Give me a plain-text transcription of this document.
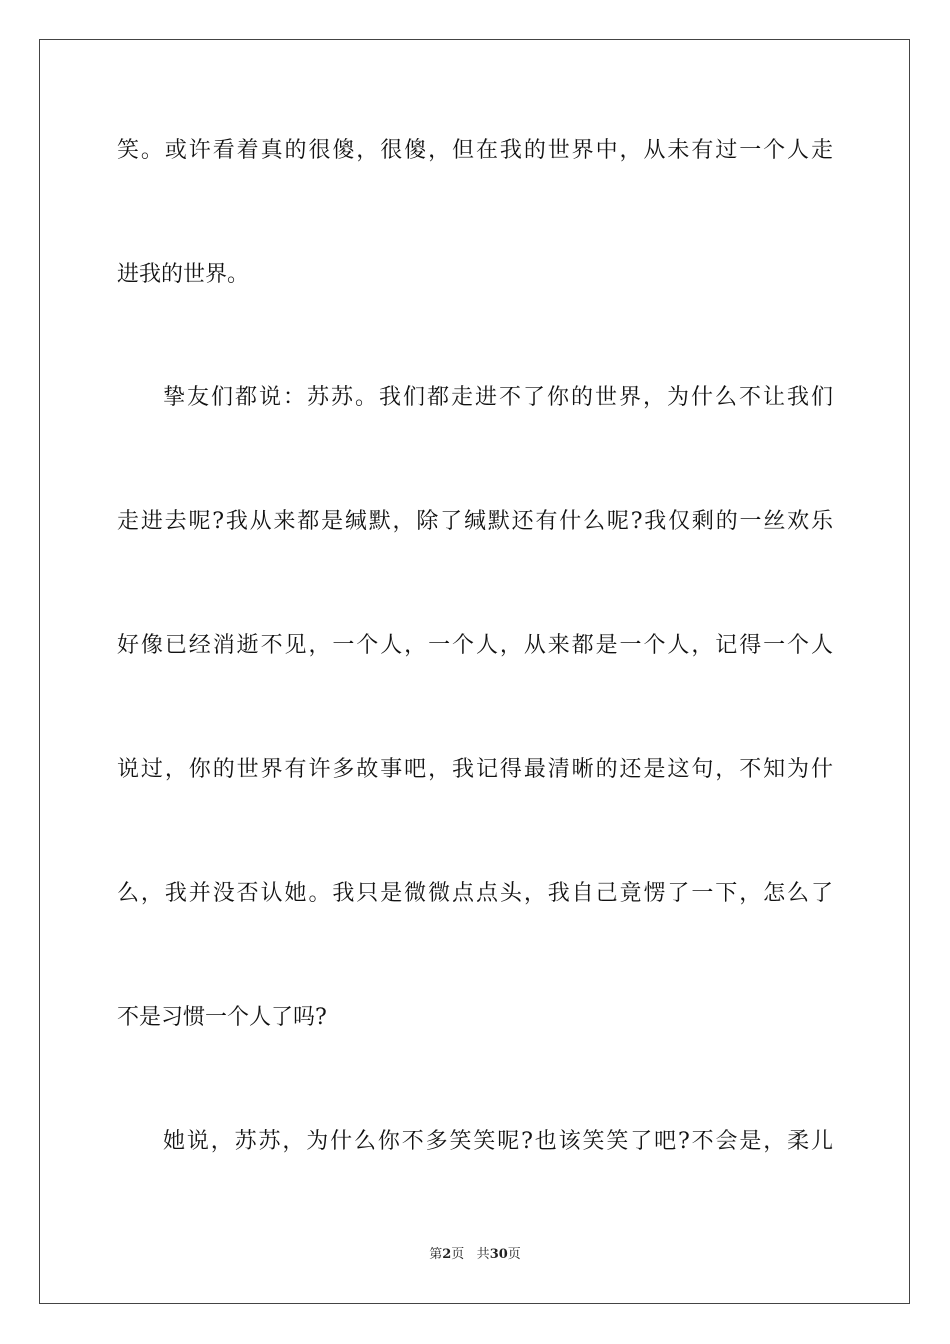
笑。或许看着真的很傻，很傻，但在我的世界中，从未有过一个人走
进我的世界。
挚友们都说：苏苏。我们都走进不了你的世界，为什么不让我们
走进去呢?我从来都是缄默，除了缄默还有什么呢?我仅剩的一丝欢乐
好像已经消逝不见，一个人，一个人，从来都是一个人，记得一个人
说过，你的世界有许多故事吧，我记得最清晰的还是这句，不知为什
么，我并没否认她。我只是微微点点头，我自己竟愣了一下，怎么了
不是习惯一个人了吗?
她说，苏苏，为什么你不多笑笑呢?也该笑笑了吧?不会是，柔儿
第2页 共30页
